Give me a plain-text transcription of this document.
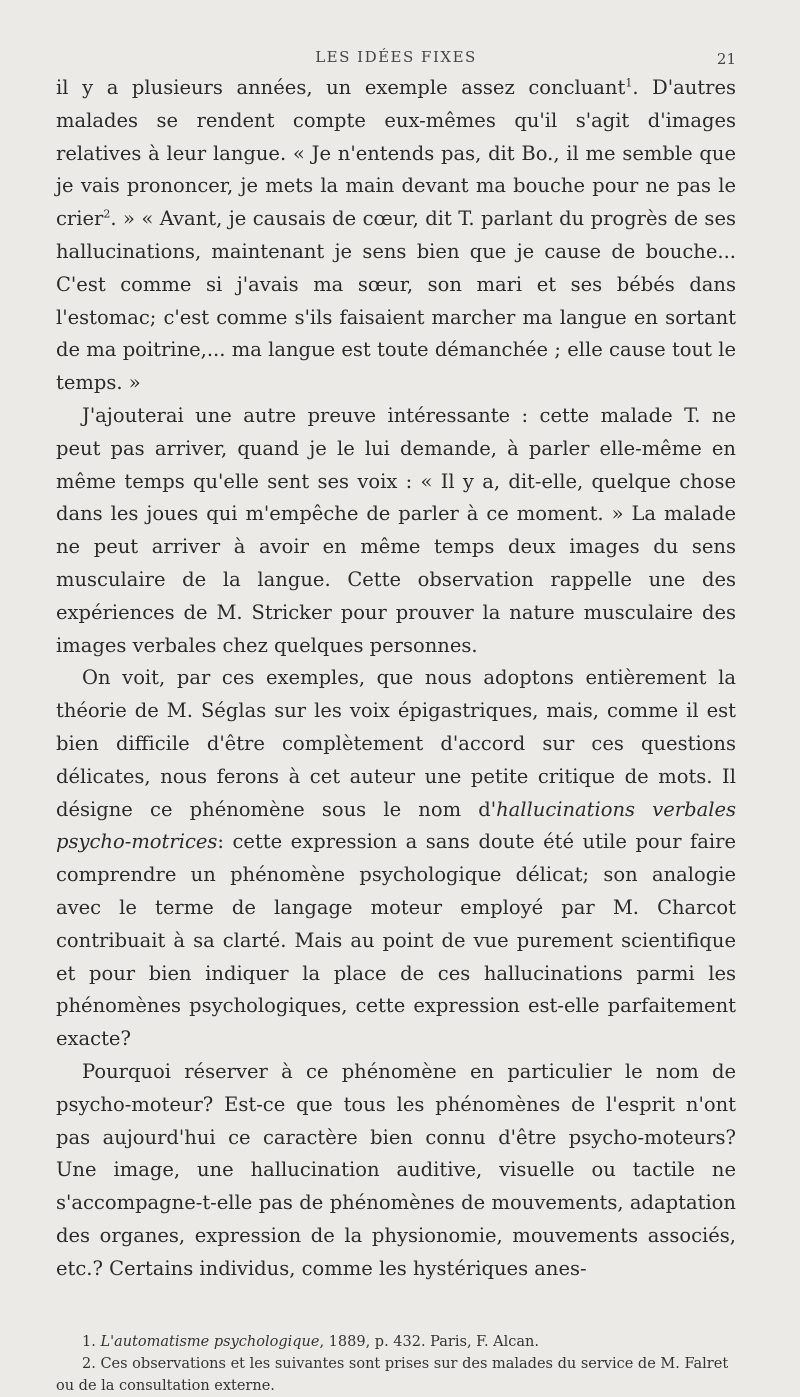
LES IDÉES FIXES	21

il y a plusieurs années, un exemple assez concluant$^1$. D'autres malades se rendent compte eux-mêmes qu'il s'agit d'images relatives à leur langue. « Je n'entends pas, dit Bo., il me semble que je vais prononcer, je mets la main devant ma bouche pour ne pas le crier$^2$. » « Avant, je causais de cœur, dit T. parlant du progrès de ses hallucinations, maintenant je sens bien que je cause de bouche... C'est comme si j'avais ma sœur, son mari et ses bébés dans l'estomac; c'est comme s'ils faisaient marcher ma langue en sortant de ma poitrine,... ma langue est toute démanchée ; elle cause tout le temps. »

J'ajouterai une autre preuve intéressante : cette malade T. ne peut pas arriver, quand je le lui demande, à parler elle-même en même temps qu'elle sent ses voix : « Il y a, dit-elle, quelque chose dans les joues qui m'empêche de parler à ce moment. » La malade ne peut arriver à avoir en même temps deux images du sens musculaire de la langue. Cette observation rappelle une des expériences de M. Stricker pour prouver la nature musculaire des images verbales chez quelques personnes.

On voit, par ces exemples, que nous adoptons entièrement la théorie de M. Séglas sur les voix épigastriques, mais, comme il est bien difficile d'être complètement d'accord sur ces questions délicates, nous ferons à cet auteur une petite critique de mots. Il désigne ce phénomène sous le nom d'hallucinations verbales psycho-motrices: cette expression a sans doute été utile pour faire comprendre un phénomène psychologique délicat; son analogie avec le terme de langage moteur employé par M. Charcot contribuait à sa clarté. Mais au point de vue purement scientifique et pour bien indiquer la place de ces hallucinations parmi les phénomènes psychologiques, cette expression est-elle parfaitement exacte?

Pourquoi réserver à ce phénomène en particulier le nom de psycho-moteur? Est-ce que tous les phénomènes de l'esprit n'ont pas aujourd'hui ce caractère bien connu d'être psycho-moteurs? Une image, une hallucination auditive, visuelle ou tactile ne s'accompagne-t-elle pas de phénomènes de mouvements, adaptation des organes, expression de la physionomie, mouvements associés, etc.? Certains individus, comme les hystériques anes-

1. L'automatisme psychologique, 1889, p. 432. Paris, F. Alcan.

2. Ces observations et les suivantes sont prises sur des malades du service de M. Falret ou de la consultation externe.
